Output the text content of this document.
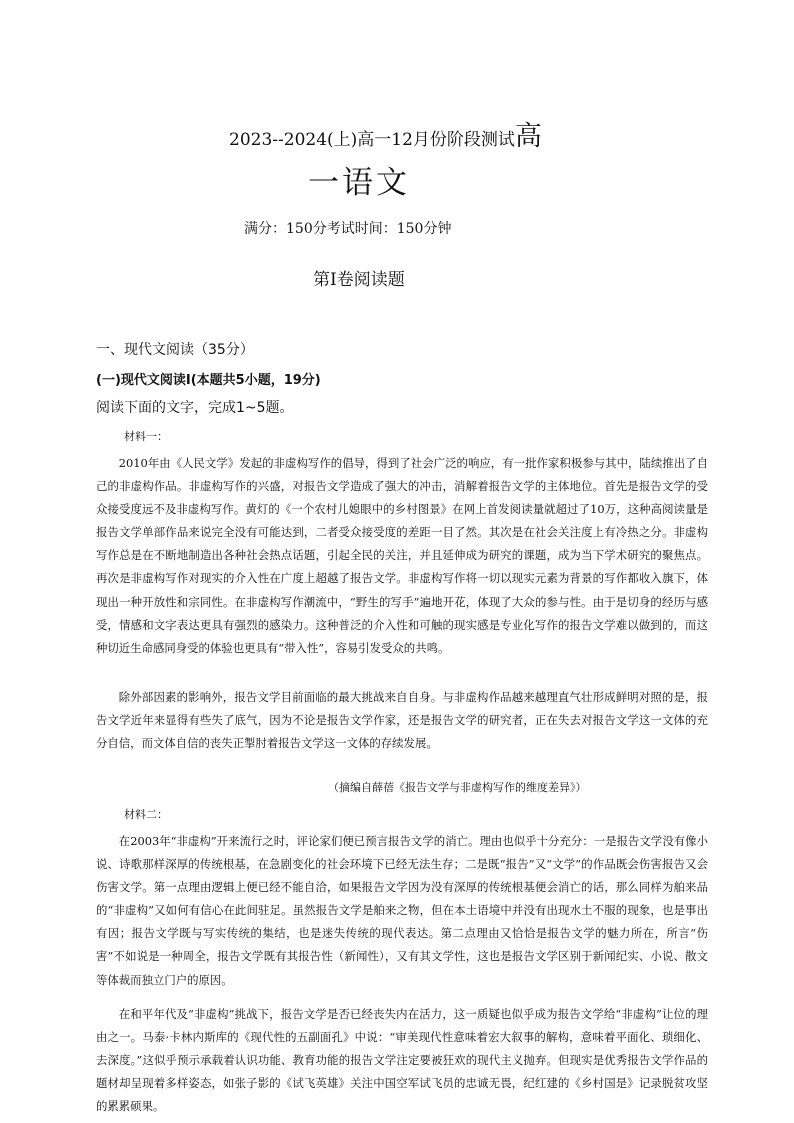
2023--2024(上)高一12月份阶段测试高
一语文
满分：150分考试时间：150分钟
第Ⅰ卷阅读题
一、现代文阅读（35分）
(一)现代文阅读Ⅰ(本题共5小题，19分)
阅读下面的文字，完成1~5题。
材料一：

2010年由《人民文学》发起的非虚构写作的倡导，得到了社会广泛的响应，有一批作家积极参与其中，陆续推出了自己的非虚构作品。非虚构写作的兴盛，对报告文学造成了强大的冲击，消解着报告文学的主体地位。首先是报告文学的受众接受度远不及非虚构写作。黄灯的《一个农村儿媳眼中的乡村图景》在网上首发阅读量就超过了10万，这种高阅读量是报告文学单部作品来说完全没有可能达到，二者受众接受度的差距一目了然。其次是在社会关注度上有冷热之分。非虚构写作总是在不断地制造出各种社会热点话题，引起全民的关注，并且延伸成为研究的课题，成为当下学术研究的聚焦点。再次是非虚构写作对现实的介入性在广度上超越了报告文学。非虚构写作将一切以现实元素为背景的写作都收入旗下，体现出一种开放性和宗同性。在非虚构写作潮流中，“野生的写手”遍地开花，体现了大众的参与性。由于是切身的经历与感受，情感和文字表达更具有强烈的感染力。这种普泛的介入性和可触的现实感是专业化写作的报告文学难以做到的，而这种切近生命感同身受的体验也更具有“带入性”，容易引发受众的共鸣。

除外部因素的影响外，报告文学目前面临的最大挑战来自自身。与非虚构作品越来越理直气壮形成鲜明对照的是，报告文学近年来显得有些失了底气，因为不论是报告文学作家，还是报告文学的研究者，正在失去对报告文学这一文体的充分自信，而文体自信的丧失正掣肘着报告文学这一文体的存续发展。

（摘编自薛蓓《报告文学与非虚构写作的维度差异》）
材料二：

在2003年“非虚构”开来流行之时，评论家们便已预言报告文学的消亡。理由也似乎十分充分：一是报告文学没有像小说、诗歌那样深厚的传统根基，在急剧变化的社会环境下已经无法生存；二是既“报告”又“文学”的作品既会伤害报告又会伤害文学。第一点理由逻辑上便已经不能自洽，如果报告文学因为没有深厚的传统根基便会消亡的话，那么同样为舶来品的“非虚构”又如何有信心在此间驻足。虽然报告文学是舶来之物，但在本土语境中并没有出现水土不服的现象，也是事出有因；报告文学既与写实传统的集结，也是迷失传统的现代表达。第二点理由又恰恰是报告文学的魅力所在，所言“伤害”不如说是一种周全，报告文学既有其报告性（新闻性），又有其文学性，这也是报告文学区别于新闻纪实、小说、散文等体裁而独立门户的原因。

在和平年代及“非虚构”挑战下，报告文学是否已经丧失内在活力，这一质疑也似乎成为报告文学给“非虚构”让位的理由之一。马泰·卡林内斯库的《现代性的五副面孔》中说：“审美现代性意味着宏大叙事的解构，意味着平面化、琐细化、去深度。”这似乎预示承载着认识功能、教育功能的报告文学注定要被狂欢的现代主义抛弃。但现实是优秀报告文学作品的题材却呈现着多样姿态，如张子影的《试飞英雄》关注中国空军试飞员的忠诚无畏，纪红建的《乡村国是》记录脱贫攻坚的累累硕果。
